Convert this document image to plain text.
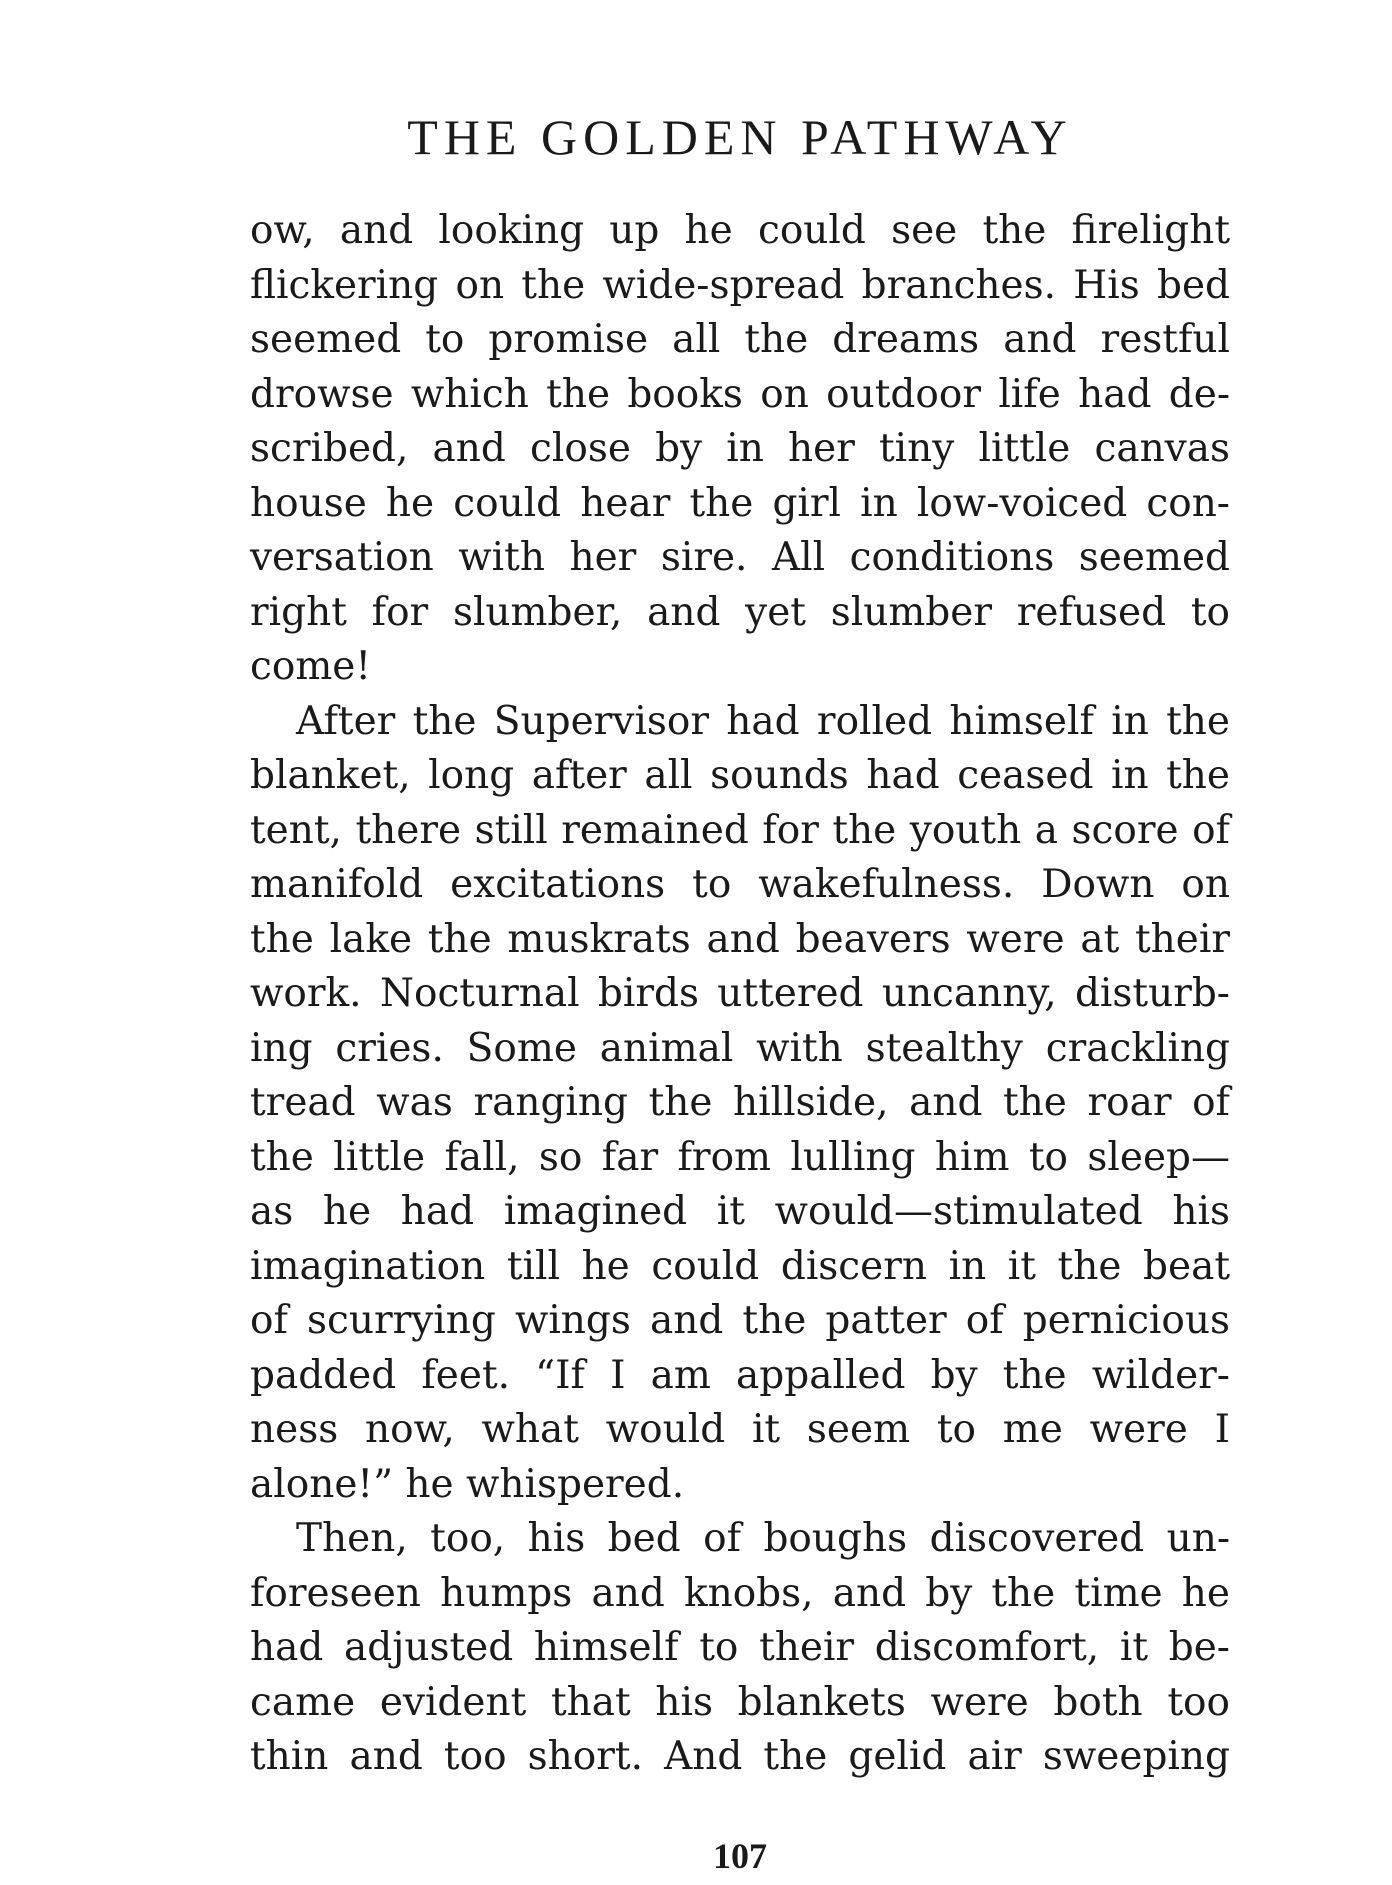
THE GOLDEN PATHWAY
ow, and looking up he could see the firelight
flickering on the wide-spread branches. His bed
seemed to promise all the dreams and restful
drowse which the books on outdoor life had de-
scribed, and close by in her tiny little canvas
house he could hear the girl in low-voiced con-
versation with her sire. All conditions seemed
right for slumber, and yet slumber refused to
come!
After the Supervisor had rolled himself in the
blanket, long after all sounds had ceased in the
tent, there still remained for the youth a score of
manifold excitations to wakefulness. Down on
the lake the muskrats and beavers were at their
work. Nocturnal birds uttered uncanny, disturb-
ing cries. Some animal with stealthy crackling
tread was ranging the hillside, and the roar of
the little fall, so far from lulling him to sleep—
as he had imagined it would—stimulated his
imagination till he could discern in it the beat
of scurrying wings and the patter of pernicious
padded feet. “If I am appalled by the wilder-
ness now, what would it seem to me were I
alone!” he whispered.
Then, too, his bed of boughs discovered un-
foreseen humps and knobs, and by the time he
had adjusted himself to their discomfort, it be-
came evident that his blankets were both too
thin and too short. And the gelid air sweeping
107
